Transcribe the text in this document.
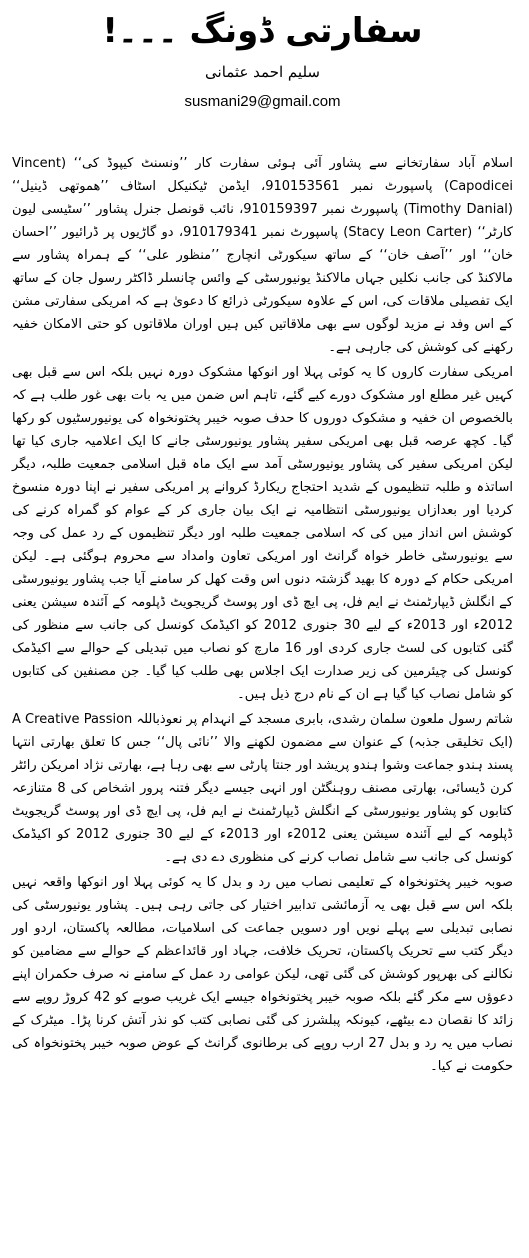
سفارتی ڈونگ ۔۔۔!
سلیم احمد عثمانی
susmani29@gmail.com

اسلام آباد سفارتخانے سے پشاور آئی ہوئی سفارت کار ’’ونسنٹ کیپوڈ کی‘‘ (Vincent Capodicei) پاسپورٹ نمبر 910153561، ایڈمن ٹیکنیکل اسٹاف ’’ھموتھی ڈینیل‘‘ (Timothy Danial) پاسپورٹ نمبر 910159397، نائب قونصل جنرل پشاور ’’سٹیسی لیون کارٹر‘‘ (Stacy Leon Carter) پاسپورٹ نمبر 910179341، دو گاڑیوں پر ڈرائیور ’’احسان خان‘‘ اور ’’آصف خان‘‘ کے ساتھ سیکورٹی انچارج ’’منظور علی‘‘ کے ہمراہ پشاور سے مالاکنڈ کی جانب نکلیں جہاں مالاکنڈ یونیورسٹی کے وائس چانسلر ڈاکٹر رسول جان کے ساتھ ایک تفصیلی ملاقات کی، اس کے علاوہ سیکورٹی ذرائع کا دعویٰ ہے کہ امریکی سفارتی مشن کے اس وفد نے مزید لوگوں سے بھی ملاقاتیں کیں ہیں اوران ملاقاتوں کو حتی الامکان خفیہ رکھنے کی کوشش کی جارہی ہے۔

امریکی سفارت کاروں کا یہ کوئی پہلا اور انوکھا مشکوک دورہ نہیں بلکہ اس سے قبل بھی کہیں غیر مطلع اور مشکوک دورے کیے گئے، تاہم اس ضمن میں یہ بات بھی غور طلب ہے کہ بالخصوص ان خفیہ و مشکوک دوروں کا حدف صوبہ خیبر پختونخواہ کی یونیورسٹیوں کو رکھا گیا۔ کچھ عرصہ قبل بھی امریکی سفیر پشاور یونیورسٹی جانے کا ایک اعلامیہ جاری کیا تھا لیکن امریکی سفیر کی پشاور یونیورسٹی آمد سے ایک ماہ قبل اسلامی جمعیت طلبہ، دیگر اساتذہ و طلبہ تنظیموں کے شدید احتجاج ریکارڈ کروانے پر امریکی سفیر نے اپنا دورہ منسوخ کردیا اور بعدازاں یونیورسٹی انتظامیہ نے ایک بیان جاری کر کے عوام کو گمراہ کرنے کی کوشش اس انداز میں کی کہ اسلامی جمعیت طلبہ اور دیگر تنظیموں کے رد عمل کی وجہ سے یونیورسٹی خاطر خواہ گرانٹ اور امریکی تعاون وامداد سے محروم ہوگئی ہے۔ لیکن امریکی حکام کے دورہ کا بھید گزشتہ دنوں اس وقت کھل کر سامنے آیا جب پشاور یونیورسٹی کے انگلش ڈیپارٹمنٹ نے ایم فل، پی ایچ ڈی اور پوسٹ گریجویٹ ڈپلومہ کے آئندہ سیشن یعنی 2012ء اور 2013ء کے لیے 30 جنوری 2012 کو اکیڈمک کونسل کی جانب سے منظور کی گئی کتابوں کی لسٹ جاری کردی اور 16 مارچ کو نصاب میں تبدیلی کے حوالے سے اکیڈمک کونسل کی چیئرمین کی زیر صدارت ایک اجلاس بھی طلب کیا گیا۔ جن مصنفین کی کتابوں کو شامل نصاب کیا گیا ہے ان کے نام درج ذیل ہیں۔

شاتم رسول ملعون سلمان رشدی، بابری مسجد کے انہدام پر نعوذباللہ A Creative Passion (ایک تخلیقی جذبہ) کے عنوان سے مضمون لکھنے والا ’’نائی پال‘‘ جس کا تعلق بھارتی انتہا پسند ہندو جماعت وشوا ہندو پریشد اور جنتا پارٹی سے بھی رہا ہے، بھارتی نژاد امریکن رائٹر کرن ڈیسائی، بھارتی مصنف روہنگٹن اور انہی جیسے دیگر فتنہ پرور اشخاص کی 8 متنازعہ کتابوں کو پشاور یونیورسٹی کے انگلش ڈیپارٹمنٹ نے ایم فل، پی ایچ ڈی اور پوسٹ گریجویٹ ڈپلومہ کے لیے آئندہ سیشن یعنی 2012ء اور 2013ء کے لیے 30 جنوری 2012 کو اکیڈمک کونسل کی جانب سے شامل نصاب کرنے کی منظوری دے دی ہے۔

صوبہ خیبر پختونخواہ کے تعلیمی نصاب میں رد و بدل کا یہ کوئی پہلا اور انوکھا واقعہ نہیں بلکہ اس سے قبل بھی یہ آزمائشی تدابیر اختیار کی جاتی رہی ہیں۔ پشاور یونیورسٹی کی نصابی تبدیلی سے پہلے نویں اور دسویں جماعت کی اسلامیات، مطالعہ پاکستان، اردو اور دیگر کتب سے تحریک پاکستان، تحریک خلافت، جہاد اور قائداعظم کے حوالے سے مضامین کو نکالنے کی بھرپور کوشش کی گئی تھی، لیکن عوامی رد عمل کے سامنے نہ صرف حکمران اپنے دعوؤں سے مکر گئے بلکہ صوبہ خیبر پختونخواہ جیسے ایک غریب صوبے کو 42 کروڑ روپے سے زائد کا نقصان دے بیٹھے، کیونکہ پبلشرز کی گئی نصابی کتب کو نذر آتش کرنا پڑا۔ میٹرک کے نصاب میں یہ رد و بدل 27 ارب روپے کی برطانوی گرانٹ کے عوض صوبہ خیبر پختونخواہ کی حکومت نے کیا۔
